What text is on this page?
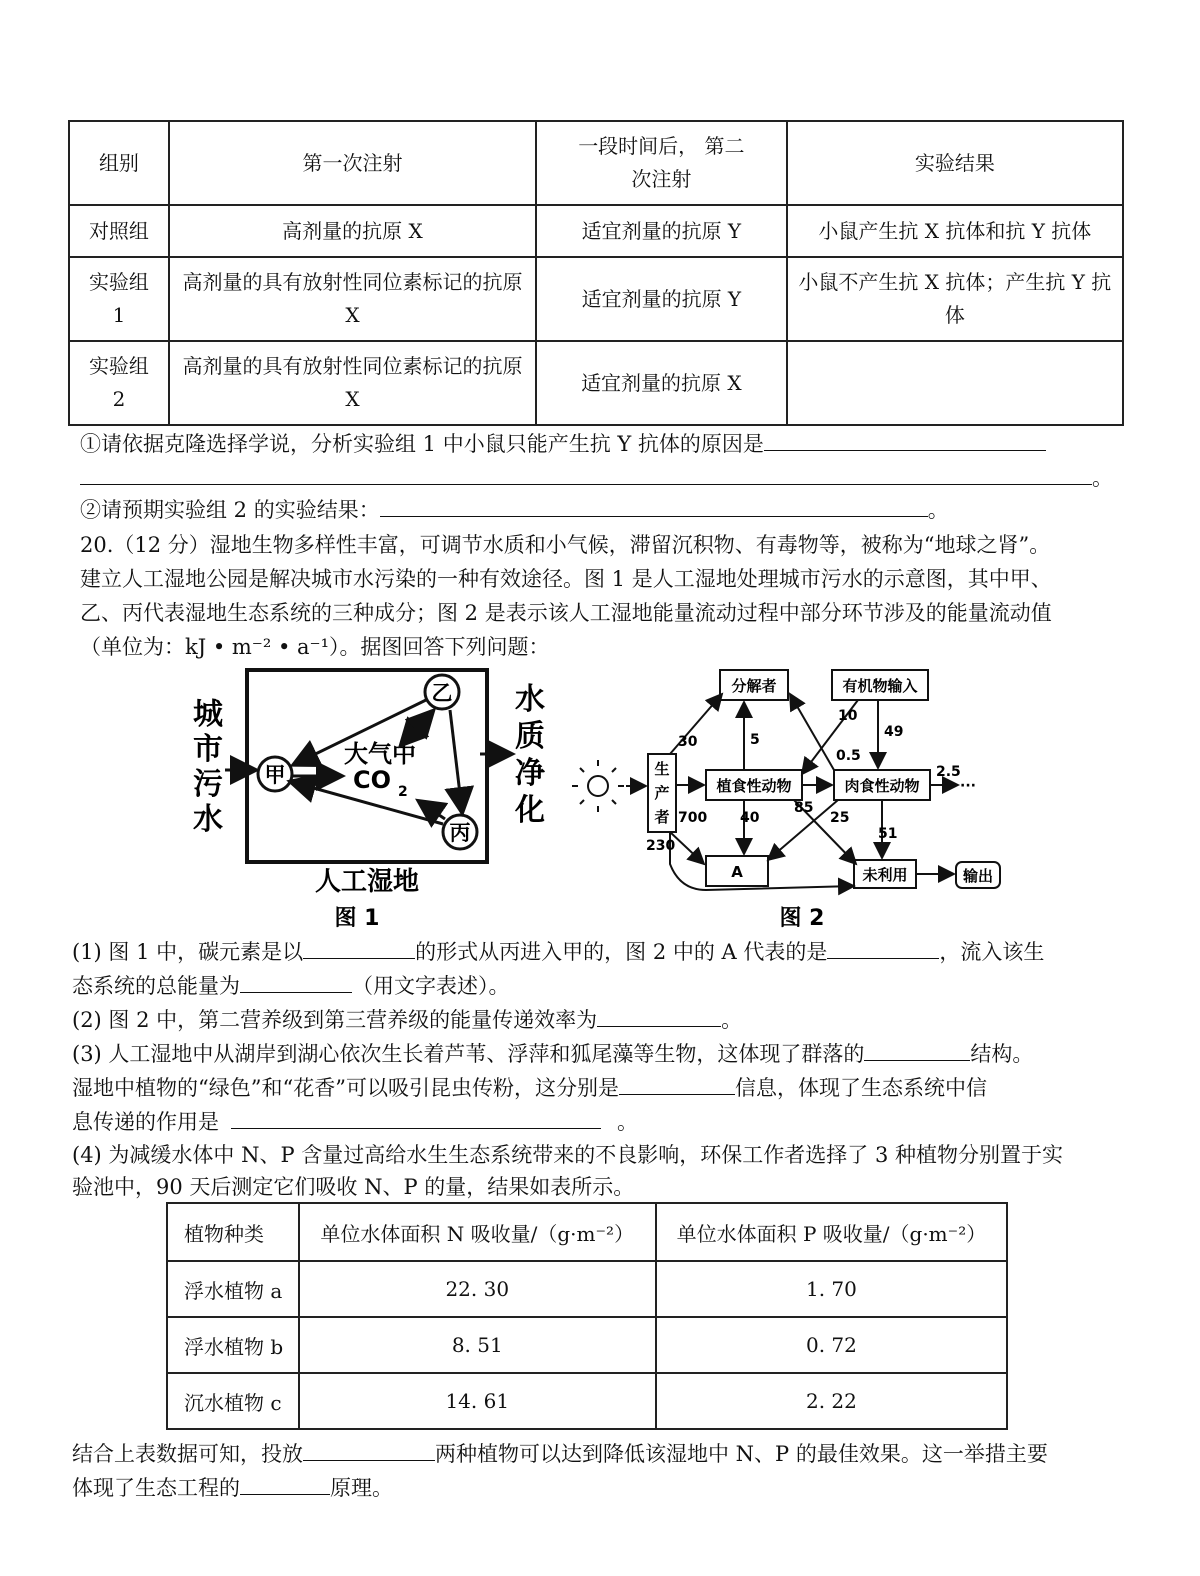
组别	第一次注射	一段时间后， 第二次注射	实验结果
对照组	高剂量的抗原 X	适宜剂量的抗原 Y	小鼠产生抗 X 抗体和抗 Y 抗体
实验组 1	高剂量的具有放射性同位素标记的抗原 X	适宜剂量的抗原 Y	小鼠不产生抗 X 抗体；产生抗 Y 抗体
实验组 2	高剂量的具有放射性同位素标记的抗原 X	适宜剂量的抗原 X	
①请依据克隆选择学说，分析实验组 1 中小鼠只能产生抗 Y 抗体的原因是
。
②请预期实验组 2 的实验结果：	。
20.（12 分）湿地生物多样性丰富，可调节水质和小气候，滞留沉积物、有毒物等，被称为“地球之肾”。
建立人工湿地公园是解决城市水污染的一种有效途径。图 1 是人工湿地处理城市污水的示意图，其中甲、
乙、丙代表湿地生态系统的三种成分；图 2 是表示该人工湿地能量流动过程中部分环节涉及的能量流动值
（单位为：kJ • m⁻² • a⁻¹）。据图回答下列问题：
城
市
污
水
水
质
净
化
甲
乙
丙
大气中
CO 2
人工湿地
图 1
生
产
者
分解者	有机物输入
植食性动物	肉食性动物
A	未利用	输出
30	5
10
49
0.5
2.5
···
700 40
85
25
51
230
图 2
(1) 图 1 中，碳元素是以	的形式从丙进入甲的，图 2 中的 A 代表的是	，流入该生
态系统的总能量为	（用文字表述）。
(2) 图 2 中，第二营养级到第三营养级的能量传递效率为	。
(3) 人工湿地中从湖岸到湖心依次生长着芦苇、浮萍和狐尾藻等生物，这体现了群落的	结构。
湿地中植物的“绿色”和“花香”可以吸引昆虫传粉，这分别是	信息，体现了生态系统中信
息传递的作用是	。
(4) 为减缓水体中 N、P 含量过高给水生生态系统带来的不良影响，环保工作者选择了 3 种植物分别置于实
验池中，90 天后测定它们吸收 N、P 的量，结果如表所示。
植物种类	单位水体面积 N 吸收量/（g·m⁻²）	单位水体面积 P 吸收量/（g·m⁻²）
浮水植物 a	22. 30	1. 70
浮水植物 b	8. 51	0. 72
沉水植物 c	14. 61	2. 22
结合上表数据可知，投放	两种植物可以达到降低该湿地中 N、P 的最佳效果。这一举措主要
体现了生态工程的	原理。
